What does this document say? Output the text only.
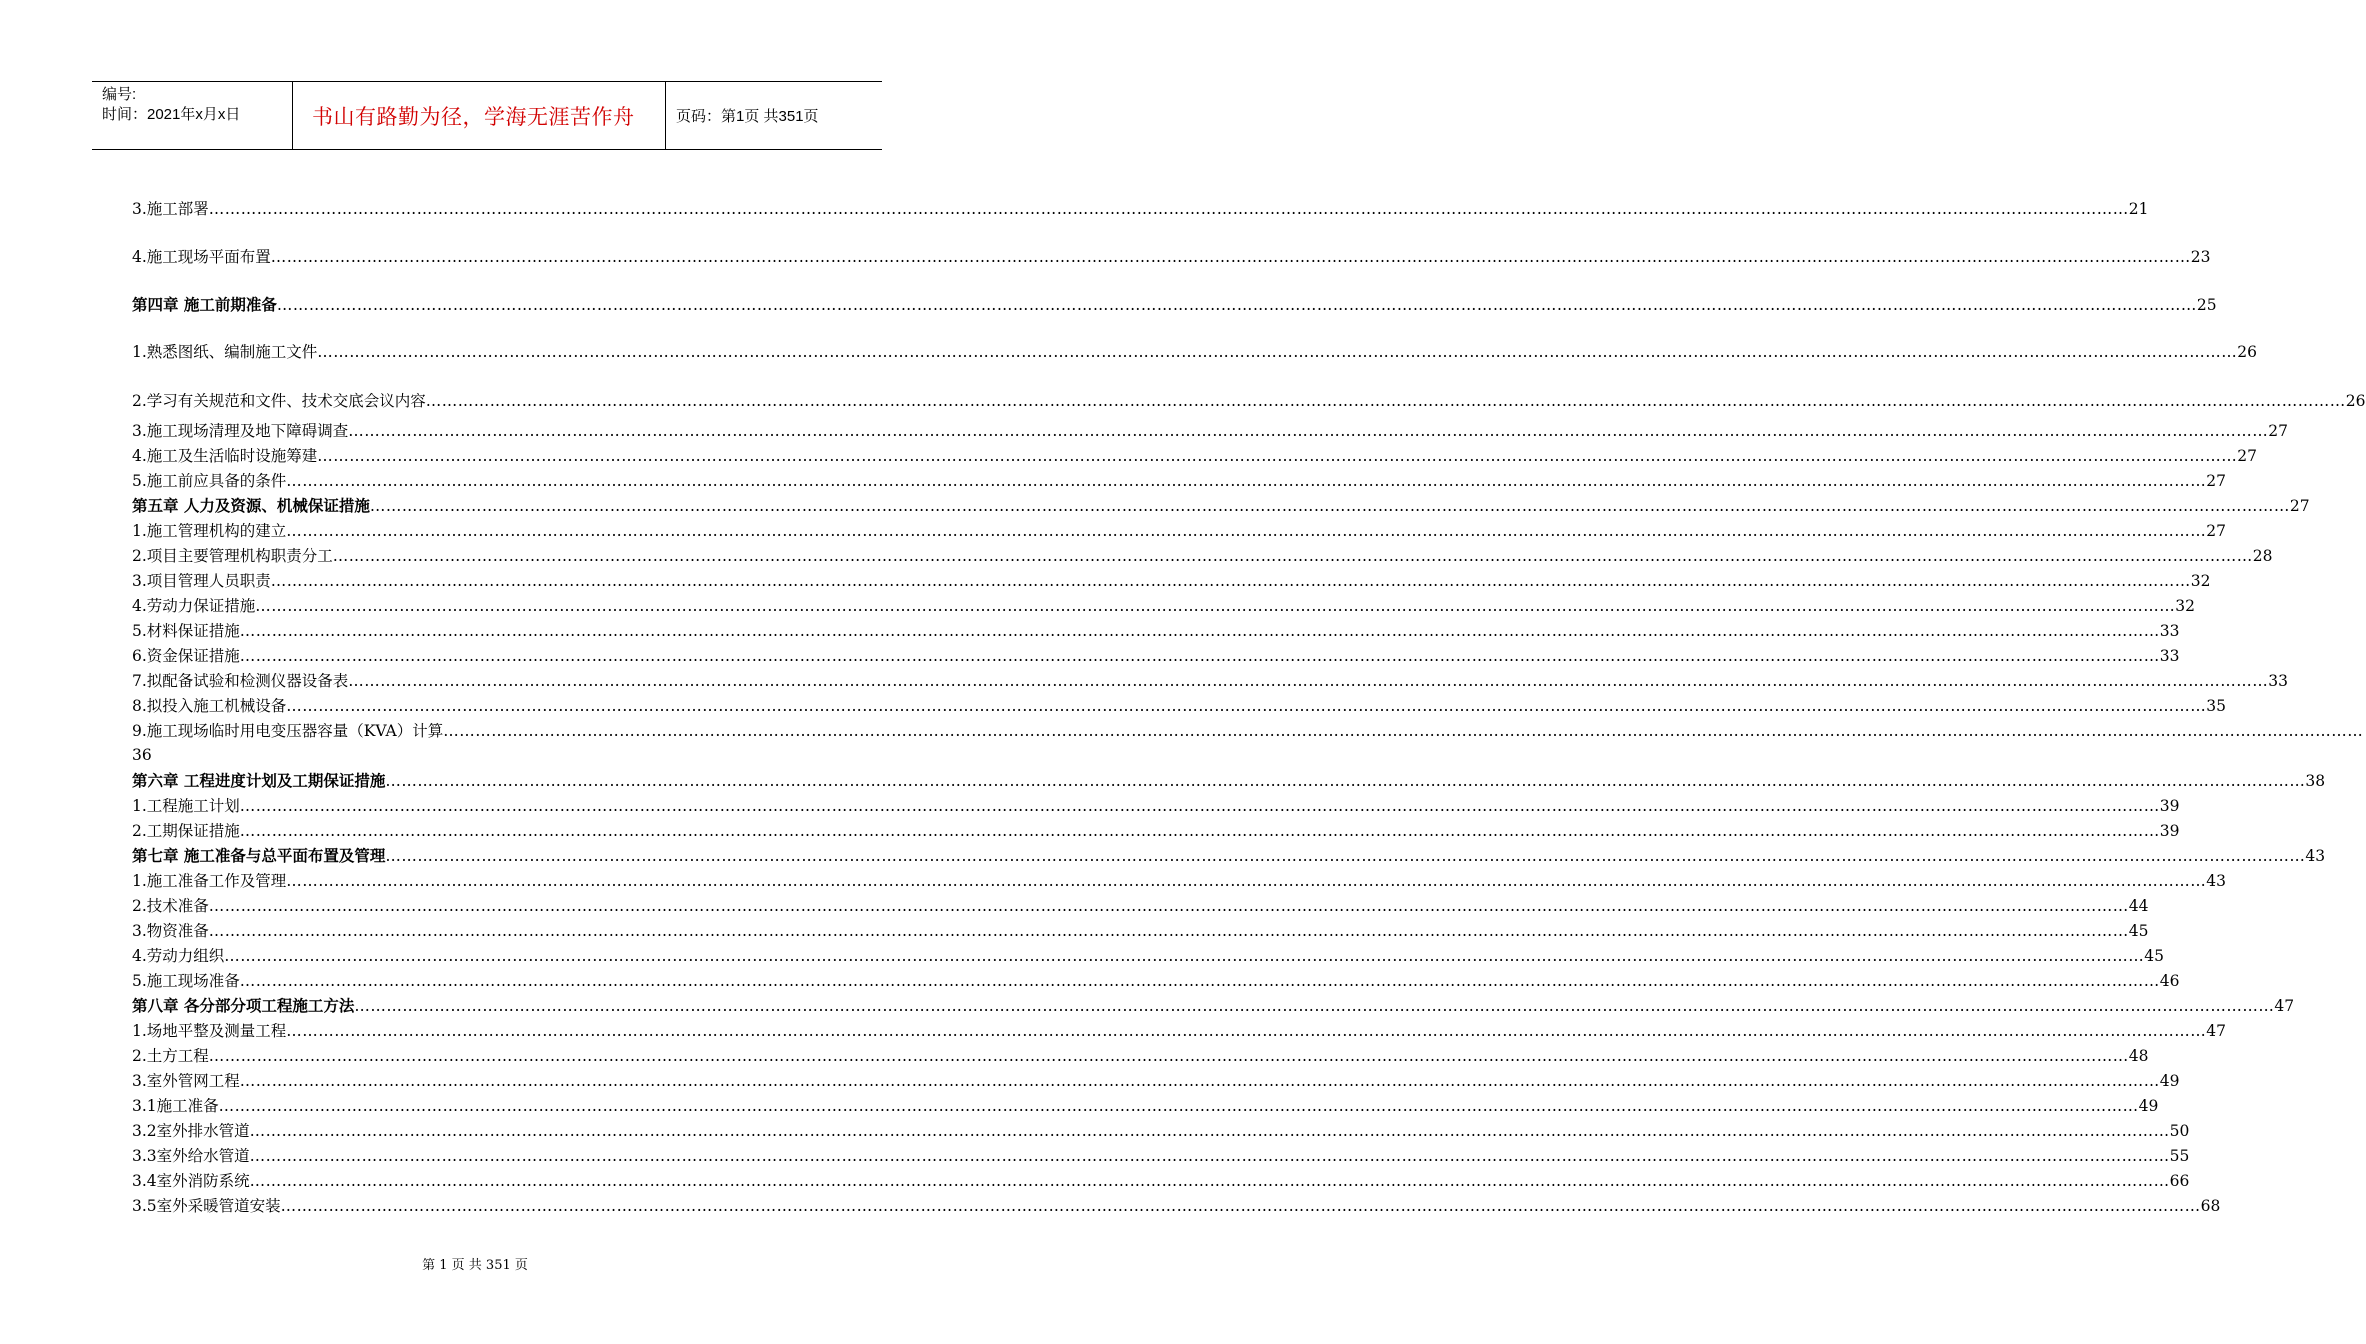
编号:
时间：2021年x月x日	书山有路勤为径，学海无涯苦作舟	页码：第1页 共351页
3.施工部署 ……………………………………………………………………………………………………………………………………………………………………………………………………………………………………………………………………………………………………………………………… 21
4.施工现场平面布置 ……………………………………………………………………………………………………………………………………………………………………………………………………………………………………………………………………………………………………………………………… 23
第四章 施工前期准备 ……………………………………………………………………………………………………………………………………………………………………………………………………………………………………………………………………………………………………………………………… 25
1.熟悉图纸、编制施工文件 ……………………………………………………………………………………………………………………………………………………………………………………………………………………………………………………………………………………………………………………………… 26
2.学习有关规范和文件、技术交底会议内容 ……………………………………………………………………………………………………………………………………………………………………………………………………………………………………………………………………………………………………………………………… 26
3.施工现场清理及地下障碍调查 ……………………………………………………………………………………………………………………………………………………………………………………………………………………………………………………………………………………………………………………………… 27
4.施工及生活临时设施筹建 ……………………………………………………………………………………………………………………………………………………………………………………………………………………………………………………………………………………………………………………………… 27
5.施工前应具备的条件 ……………………………………………………………………………………………………………………………………………………………………………………………………………………………………………………………………………………………………………………………… 27
第五章 人力及资源、机械保证措施 ……………………………………………………………………………………………………………………………………………………………………………………………………………………………………………………………………………………………………………………………… 27
1.施工管理机构的建立 ……………………………………………………………………………………………………………………………………………………………………………………………………………………………………………………………………………………………………………………………… 27
2.项目主要管理机构职责分工 ……………………………………………………………………………………………………………………………………………………………………………………………………………………………………………………………………………………………………………………………… 28
3.项目管理人员职责 ……………………………………………………………………………………………………………………………………………………………………………………………………………………………………………………………………………………………………………………………… 32
4.劳动力保证措施 ……………………………………………………………………………………………………………………………………………………………………………………………………………………………………………………………………………………………………………………………… 32
5.材料保证措施 ……………………………………………………………………………………………………………………………………………………………………………………………………………………………………………………………………………………………………………………………… 33
6.资金保证措施 ……………………………………………………………………………………………………………………………………………………………………………………………………………………………………………………………………………………………………………………………… 33
7.拟配备试验和检测仪器设备表 ……………………………………………………………………………………………………………………………………………………………………………………………………………………………………………………………………………………………………………………………… 33
8.拟投入施工机械设备 ……………………………………………………………………………………………………………………………………………………………………………………………………………………………………………………………………………………………………………………………… 35
9.施工现场临时用电变压器容量（KVA）计算 ………………………………………………………………………………………………………………………………………………………………………………………………………………………………………………………………………………………………………………………………
第六章 工程进度计划及工期保证措施 ……………………………………………………………………………………………………………………………………………………………………………………………………………………………………………………………………………………………………………………………… 38
1.工程施工计划 ……………………………………………………………………………………………………………………………………………………………………………………………………………………………………………………………………………………………………………………………… 39
2.工期保证措施 ……………………………………………………………………………………………………………………………………………………………………………………………………………………………………………………………………………………………………………………………… 39
第七章 施工准备与总平面布置及管理 ……………………………………………………………………………………………………………………………………………………………………………………………………………………………………………………………………………………………………………………………… 43
1.施工准备工作及管理 ……………………………………………………………………………………………………………………………………………………………………………………………………………………………………………………………………………………………………………………………… 43
2.技术准备 ……………………………………………………………………………………………………………………………………………………………………………………………………………………………………………………………………………………………………………………………… 44
3.物资准备 ……………………………………………………………………………………………………………………………………………………………………………………………………………………………………………………………………………………………………………………………… 45
4.劳动力组织 ……………………………………………………………………………………………………………………………………………………………………………………………………………………………………………………………………………………………………………………………… 45
5.施工现场准备 ……………………………………………………………………………………………………………………………………………………………………………………………………………………………………………………………………………………………………………………………… 46
第八章 各分部分项工程施工方法 ……………………………………………………………………………………………………………………………………………………………………………………………………………………………………………………………………………………………………………………………… 47
1.场地平整及测量工程 ……………………………………………………………………………………………………………………………………………………………………………………………………………………………………………………………………………………………………………………………… 47
2.土方工程 ……………………………………………………………………………………………………………………………………………………………………………………………………………………………………………………………………………………………………………………………… 48
3.室外管网工程 ……………………………………………………………………………………………………………………………………………………………………………………………………………………………………………………………………………………………………………………………… 49
3.1施工准备 ……………………………………………………………………………………………………………………………………………………………………………………………………………………………………………………………………………………………………………………………… 49
3.2室外排水管道 ……………………………………………………………………………………………………………………………………………………………………………………………………………………………………………………………………………………………………………………………… 50
3.3室外给水管道 ……………………………………………………………………………………………………………………………………………………………………………………………………………………………………………………………………………………………………………………………… 55
3.4室外消防系统 ……………………………………………………………………………………………………………………………………………………………………………………………………………………………………………………………………………………………………………………………… 66
3.5室外采暖管道安装 ……………………………………………………………………………………………………………………………………………………………………………………………………………………………………………………………………………………………………………………………… 68
36
第 1 页 共 351 页
